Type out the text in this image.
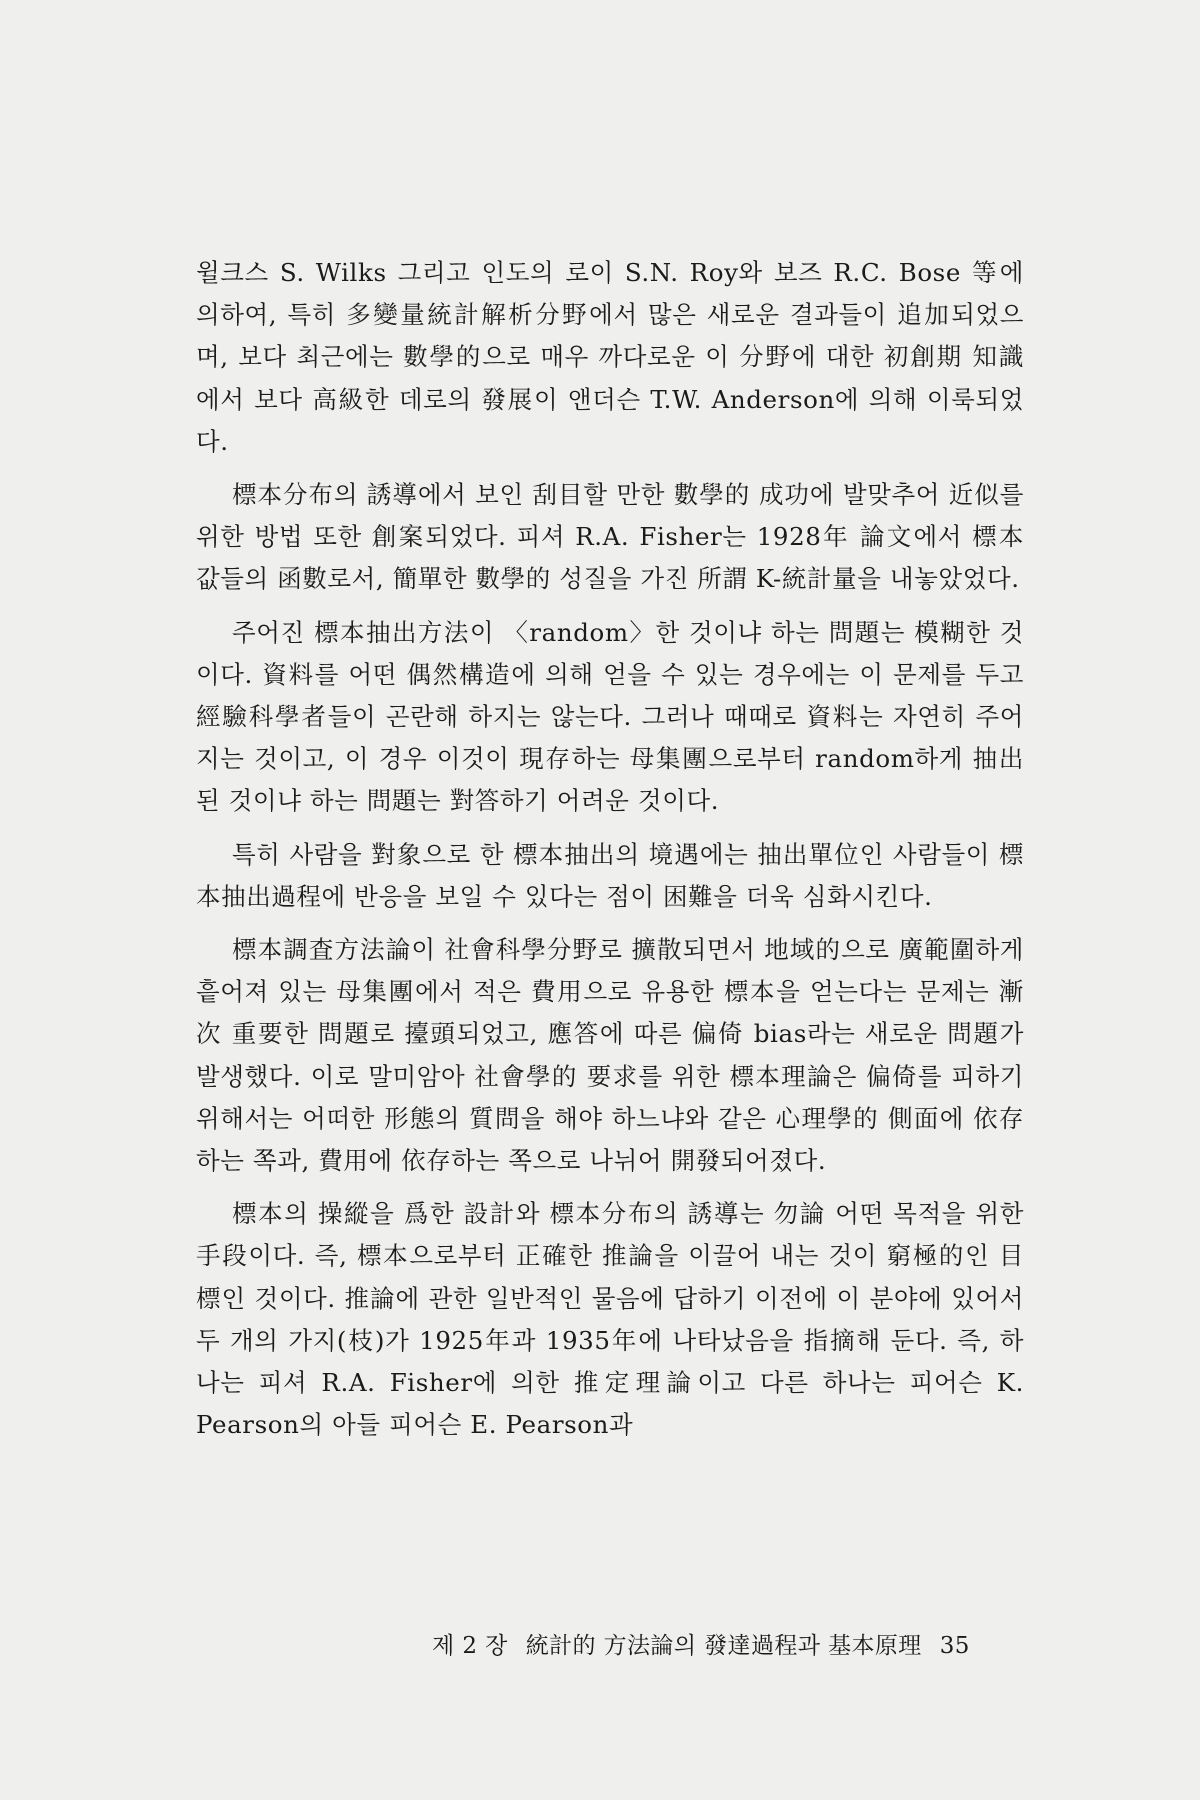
윌크스 S. Wilks 그리고 인도의 로이 S.N. Roy와 보즈 R.C. Bose 等에 의하여, 특히 多變量統計解析分野에서 많은 새로운 결과들이 追加되었으며, 보다 최근에는 數學的으로 매우 까다로운 이 分野에 대한 初創期 知識에서 보다 高級한 데로의 發展이 앤더슨 T.W. Anderson에 의해 이룩되었다.

標本分布의 誘導에서 보인 刮目할 만한 數學的 成功에 발맞추어 近似를 위한 방법 또한 創案되었다. 피셔 R.A. Fisher는 1928年 論文에서 標本 값들의 函數로서, 簡單한 數學的 성질을 가진 所謂 K-統計量을 내놓았었다.

주어진 標本抽出方法이 〈random〉한 것이냐 하는 問題는 模糊한 것이다. 資料를 어떤 偶然構造에 의해 얻을 수 있는 경우에는 이 문제를 두고 經驗科學者들이 곤란해 하지는 않는다. 그러나 때때로 資料는 자연히 주어지는 것이고, 이 경우 이것이 現存하는 母集團으로부터 random하게 抽出된 것이냐 하는 問題는 對答하기 어려운 것이다.

특히 사람을 對象으로 한 標本抽出의 境遇에는 抽出單位인 사람들이 標本抽出過程에 반응을 보일 수 있다는 점이 困難을 더욱 심화시킨다.

標本調査方法論이 社會科學分野로 擴散되면서 地域的으로 廣範圍하게 흩어져 있는 母集團에서 적은 費用으로 유용한 標本을 얻는다는 문제는 漸次 重要한 問題로 擡頭되었고, 應答에 따른 偏倚 bias라는 새로운 問題가 발생했다. 이로 말미암아 社會學的 要求를 위한 標本理論은 偏倚를 피하기 위해서는 어떠한 形態의 質問을 해야 하느냐와 같은 心理學的 側面에 依存하는 쪽과, 費用에 依存하는 쪽으로 나뉘어 開發되어졌다.

標本의 操縱을 爲한 設計와 標本分布의 誘導는 勿論 어떤 목적을 위한 手段이다. 즉, 標本으로부터 正確한 推論을 이끌어 내는 것이 窮極的인 目標인 것이다. 推論에 관한 일반적인 물음에 답하기 이전에 이 분야에 있어서 두 개의 가지(枝)가 1925年과 1935年에 나타났음을 指摘해 둔다. 즉, 하나는 피셔 R.A. Fisher에 의한 推定理論이고 다른 하나는 피어슨 K. Pearson의 아들 피어슨 E. Pearson과

제 2 장 統計的 方法論의 發達過程과 基本原理 35
